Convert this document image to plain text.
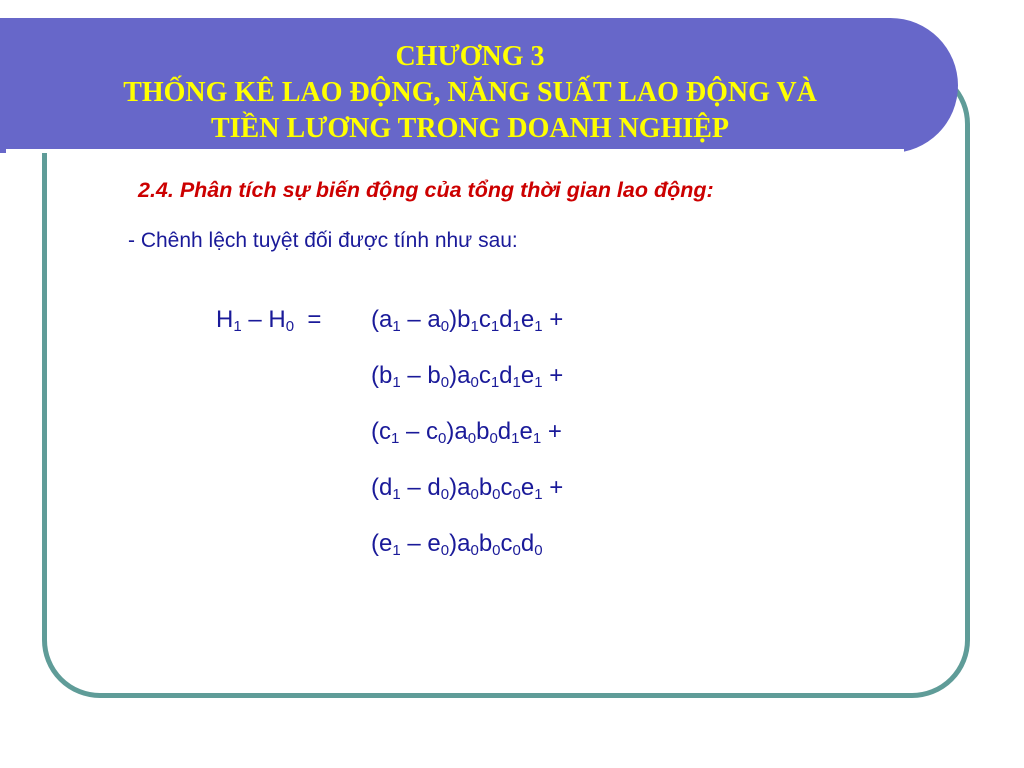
CHƯƠNG 3
THỐNG KÊ LAO ĐỘNG, NĂNG SUẤT LAO ĐỘNG VÀ
TIỀN LƯƠNG TRONG DOANH NGHIỆP
2.4. Phân tích sự biến động của tổng thời gian lao động:
- Chênh lệch tuyệt đối được tính như sau:
$H_1 - H_0 = (a_1 - a_0)b_1c_1d_1e_1$ +
$(b_1 - b_0)a_0c_1d_1e_1$ +
$(c_1 - c_0)a_0b_0d_1e_1$ +
$(d_1 - d_0)a_0b_0c_0e_1$ +
$(e_1 - e_0)a_0b_0c_0d_0$
